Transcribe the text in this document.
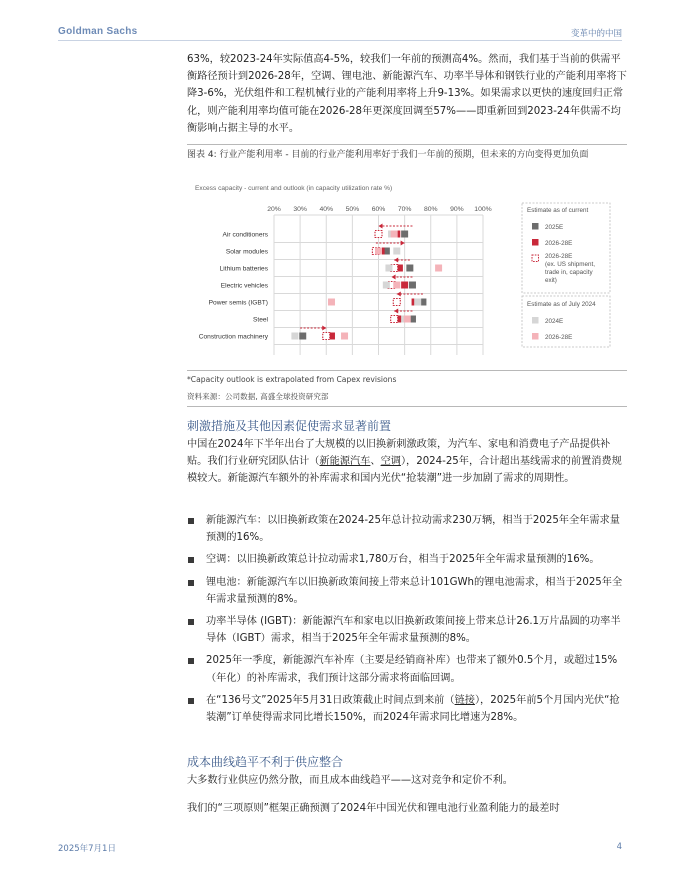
Goldman Sachs	变革中的中国
63%，较2023-24年实际值高4-5%，较我们一年前的预测高4%。然而，我们基于当前的供需平衡路径预计到2026-28年，空调、锂电池、新能源汽车、功率半导体和钢铁行业的产能利用率将下降3-6%，光伏组件和工程机械行业的产能利用率将上升9-13%。如果需求以更快的速度回归正常化，则产能利用率均值可能在2026-28年更深度回调至57%——即重新回到2023-24年供需不均衡影响占据主导的水平。
图表 4: 行业产能利用率 - 目前的行业产能利用率好于我们一年前的预期，但未来的方向变得更加负面
Excess capacity - current and outlook (in capacity utilization rate %)
20% 30% 40% 50% 60% 70% 80% 90% 100%
Air conditioners
Solar modules
Lithium batteries
Electric vehicles
Power semis (IGBT)
Steel
Construction machinery
Estimate as of current
2025E
2026-28E
2026-28E
(ex. US shipment,
trade in, capacity
exit)
Estimate as of July 2024
2024E
2026-28E
*Capacity outlook is extrapolated from Capex revisions
资料来源：公司数据, 高盛全球投资研究部
刺激措施及其他因素促使需求显著前置
中国在2024年下半年出台了大规模的以旧换新刺激政策，为汽车、家电和消费电子产品提供补贴。我们行业研究团队估计（新能源汽车、空调），2024-25年，合计超出基线需求的前置消费规模较大。新能源汽车额外的补库需求和国内光伏“抢装潮”进一步加剧了需求的周期性。
新能源汽车：以旧换新政策在2024-25年总计拉动需求230万辆，相当于2025年全年需求量预测的16%。
空调：以旧换新政策总计拉动需求1,780万台，相当于2025年全年需求量预测的16%。
锂电池：新能源汽车以旧换新政策间接上带来总计101GWh的锂电池需求，相当于2025年全年需求量预测的8%。
功率半导体 (IGBT)：新能源汽车和家电以旧换新政策间接上带来总计26.1万片晶圆的功率半导体（IGBT）需求，相当于2025年全年需求量预测的8%。
2025年一季度，新能源汽车补库（主要是经销商补库）也带来了额外0.5个月，或超过15%（年化）的补库需求，我们预计这部分需求将面临回调。
在“136号文”2025年5月31日政策截止时间点到来前（链接），2025年前5个月国内光伏“抢装潮”订单使得需求同比增长150%，而2024年需求同比增速为28%。
成本曲线趋平不利于供应整合
大多数行业供应仍然分散，而且成本曲线趋平——这对竞争和定价不利。
我们的“三项原则”框架正确预测了2024年中国光伏和锂电池行业盈利能力的最差时
2025年7月1日	4
